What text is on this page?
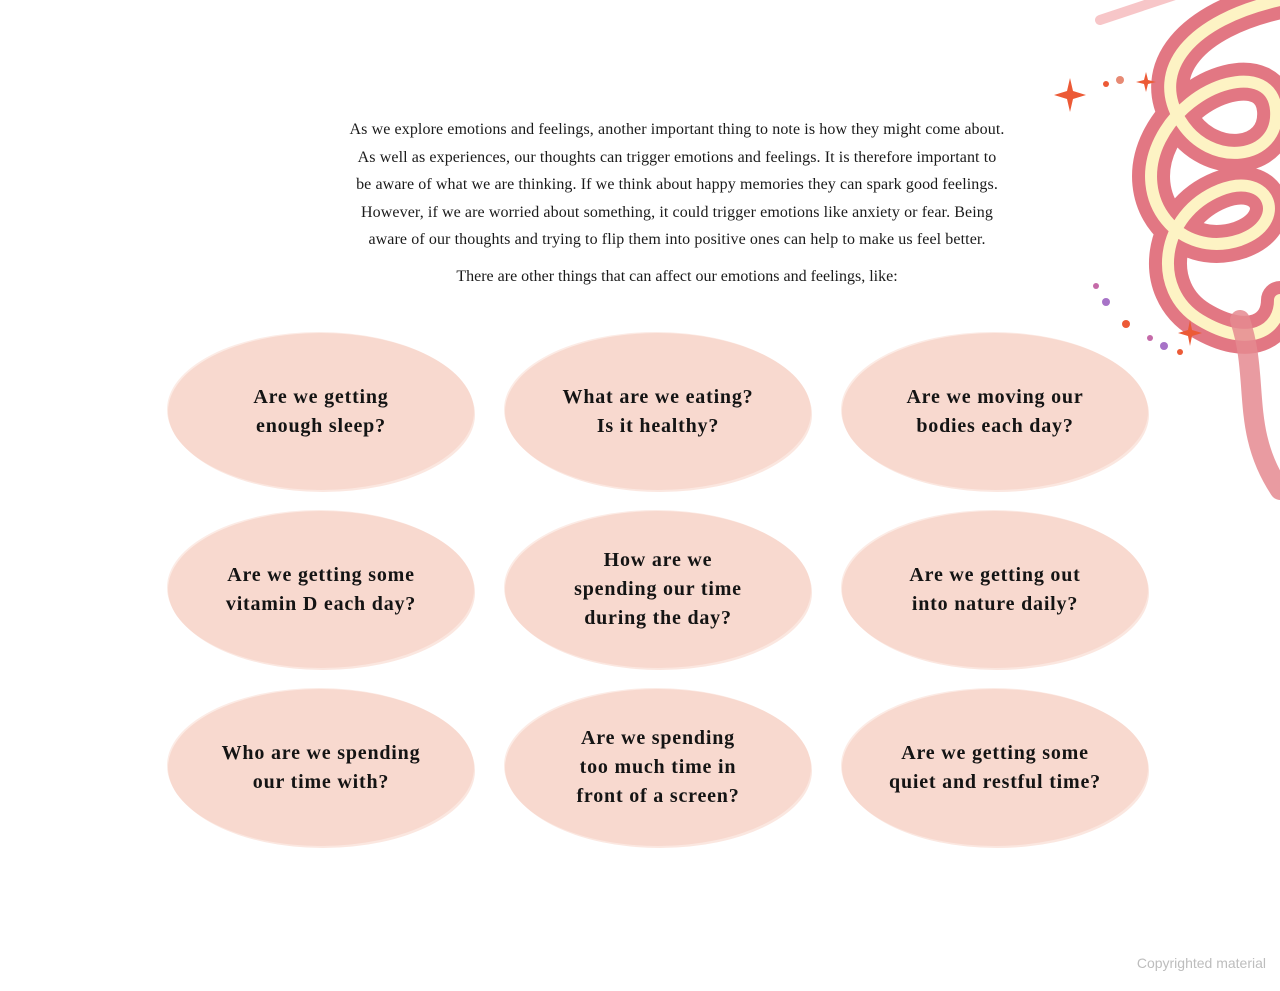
As we explore emotions and feelings, another important thing to note is how they might come about.
As well as experiences, our thoughts can trigger emotions and feelings. It is therefore important to
be aware of what we are thinking. If we think about happy memories they can spark good feelings.
However, if we are worried about something, it could trigger emotions like anxiety or fear. Being
aware of our thoughts and trying to flip them into positive ones can help to make us feel better.

There are other things that can affect our emotions and feelings, like:

Are we getting
enough sleep?

What are we eating?
Is it healthy?

Are we moving our
bodies each day?

Are we getting some
vitamin D each day?

How are we
spending our time
during the day?

Are we getting out
into nature daily?

Who are we spending
our time with?

Are we spending
too much time in
front of a screen?

Are we getting some
quiet and restful time?

Copyrighted material
